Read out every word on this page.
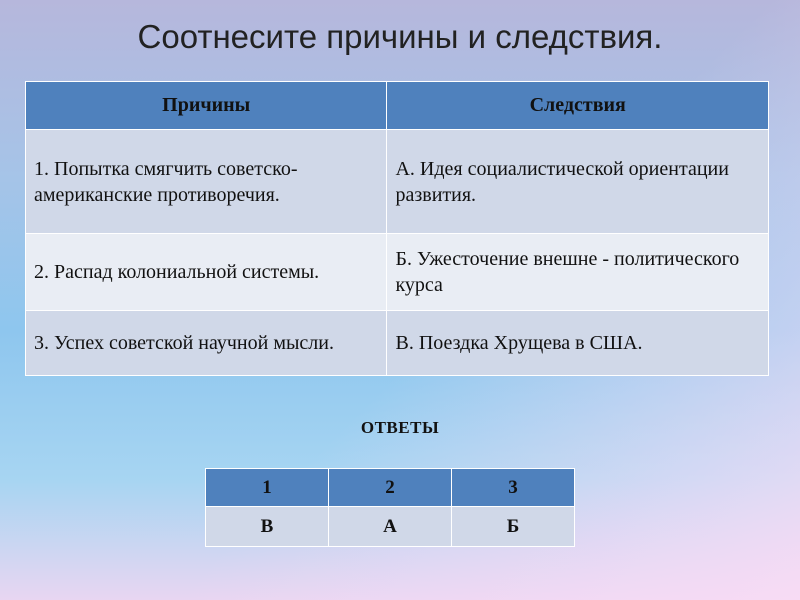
Соотнесите причины и следствия.
Причины	Следствия
1. Попытка смягчить советско-американские противоречия.	А. Идея социалистической ориентации развития.
2. Распад колониальной системы.	Б. Ужесточение внешне - политического курса
3. Успех советской научной мысли.	В. Поездка Хрущева в США.
ОТВЕТЫ
1	2	3
В	А	Б
